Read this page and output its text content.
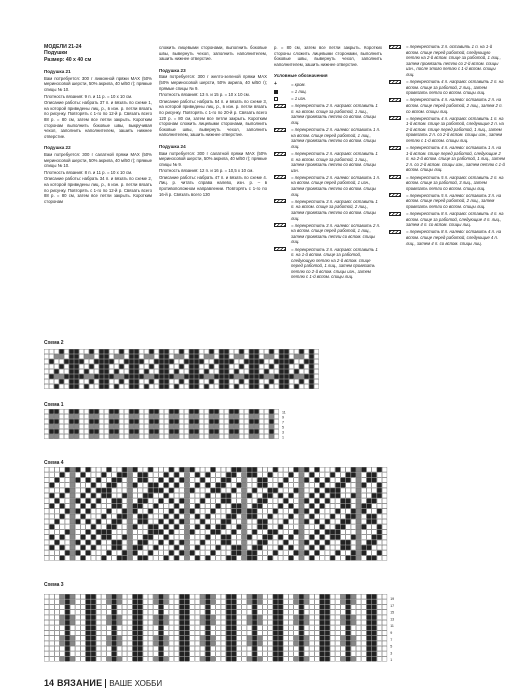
МОДЕЛИ 21-24
Подушки
Размер: 40 х 40 см
Подушка 21
Вам потребуется: 300 г лимонной пряжи MAX (50% мериносовой шерсти, 50% акрила, 40 м/50 г); прямые спицы № 10.
Плотность вязания: 9 п. и 11 р. = 10 х 10 см.
Описание работы: набрать 37 п. и вязать по схеме 1, на которой приведены лиц. р., в изн. р. петли вязать по рисунку. Повторять с 1-го по 12-й р. Связать всего 88 р. = 80 см, затем все петли закрыть. Коротким сторонам выполнить боковые швы, выкручивая чехол, заполнить наполнителем, зашить нижнее отверстие.
Подушка 22
Вам потребуется: 300 г салатной пряжи MAX (50% мериносовой шерсти, 50% акрила, 40 м/50 г); прямые спицы № 10.
Плотность вязания: 8 п. и 11 р. = 10 х 10 см.
Описание работы: набрать 34 п. и вязать по схеме 2, на которой приведены лиц. р., в изн. р. петли вязать по рисунку. Повторять с 1-го по 12-й р. Связать всего 88 р. = 80 см, затем все петли закрыть. Коротким сторонам
сложить лицевыми сторонами, выполнить боковые швы, вывернуть чехол, заполнить наполнителем, зашить нижнее отверстие.
Подушка 23
Вам потребуется: 300 г желто-зеленой пряжи MAX (50% мериносовой шерсти, 50% акрила, 40 м/50 г); прямые спицы № 9.
Плотность вязания: 13 п. и 15 р. = 10 х 10 см.
Описание работы: набрать 54 п. и вязать по схеме 3, на которой приведены лиц. р., в изн. р. петли вязать по рисунку. Повторять с 1-го по 20-й р. Связать всего 120 р. = 80 см, затем все петли закрыть. Коротким сторонам сложить лицевыми сторонами, выполнить боковые швы, вывернуть чехол, заполнить наполнителем, зашить нижнее отверстие.
Подушка 24
Вам потребуется: 300 г салатной пряжи MAX (50% мериносовой шерсти, 50% акрила, 40 м/50 г); прямые спицы № 9.
Плотность вязания: 12 п. и 16 р. = 10,5 х 10 см.
Описание работы: набрать 47 п. и вязать по схеме 4. Лиц. р. читать справа налево, изн. р. – в противоположном направлении. Повторять с 1-го по 16-й р. Связать всего 130
р. = 80 см, затем все петли закрыть. Коротких стороны сложить лицевыми сторонами, выполнить боковые швы, вывернуть чехол, заполнить наполнителем, зашить нижнее отверстие.
Условные обозначения
+	= кром.
= 1 лиц.
= 1 изн.
= перекрестить 2 п. направо: оставить 1 п. на вспом. спице за работой, 1 лиц., затем провязать петлю со вспом. спицы лиц.
= перекрестить 2 п. налево: оставить 1 п. на вспом. спице перед работой, 1 лиц., затем провязать петлю со вспом. спицы лиц.
= перекрестить 2 п. направо: оставить 1 п. на вспом. спице за работой, 1 лиц., затем провязать петлю со вспом. спицы изн.
= перекрестить 2 п. налево: оставить 1 п. на вспом. спице перед работой, 1 изн., затем провязать петлю со вспом. спицы лиц.
= перекрестить 3 п. направо: оставить 1 п. на вспом. спице за работой, 2 лиц., затем провязать петлю со вспом. спицы лиц.
= перекрестить 3 п. налево: оставить 2 п. на вспом. спице перед работой, 1 лиц., затем провязать петли со вспом. спицы лиц.
= перекрестить 3 п. направо: оставить 1 п. на 1-й вспом. спице за работой, следующую петлю на 2-й вспом. спице перед работой, 1 лиц., затем провязать петлю со 2-й вспом. спицы изн., затем петлю с 1-й вспом. спицы лиц.
= перекрестить 3 п. оставить 1 п. на 1-й вспом. спице перед работой, следующую петлю на 2-й вспом. спице за работой, 1 лиц., затем провязать петлю со 2-й вспом. спицы изн., после этого петлю с 1-й вспом. спицы лиц.
= перекрестить 4 п. направо: оставить 2 п. на вспом. спице за работой, 2 лиц., затем провязать петли со вспом. спицы лиц.
= перекрестить 4 п. налево: оставить 2 п. на вспом. спице перед работой, 2 лиц., затем 2 п. со вспом. спицы лиц.
= перекрестить 4 п. направо: оставить 1 п. на 1-й вспом. спице за работой, следующие 2 п. на 2-й вспом. спице перед работой, 1 лиц., затем провязать 2 п. со 2-й вспом. спицы изн., затем петлю с 1-й вспом. спицы лиц.
= перекрестить 4 п. налево: оставить 1 п. на 1-й вспом. спице перед работой, следующие 2 п. на 2-й вспом. спице за работой, 1 лиц., затем 2 п. со 2-й вспом. спицы изн., затем петлю с 1-й вспом. спицы лиц.
= перекрестить 5 п. направо: оставить 2 п. на вспом. спице за работой, 3 лиц., затем провязать петли со вспом. спицы лиц.
= перекрестить 5 п. налево: оставить 3 п. на вспом. спице перед работой, 2 лиц., затем провязать петли со вспом. спицы лиц.
= перекрестить 8 п. направо: оставить 4 п. на вспом. спице за работой, следующие 4 п. лиц., затем 4 п. со вспом. спицы лиц.
= перекрестить 8 п. налево: оставить 4 п. на вспом. спице перед работой, следующие 4 п. лиц., затем 4 п. со вспом. спицы лиц.
Схема 2
Схема 1
11
9
7
5
3
1
Схема 4
Схема 3
19
17
15
13
11
9
7
5
3
1
14 ВЯЗАНИЕ ВАШЕ ХОББИ
